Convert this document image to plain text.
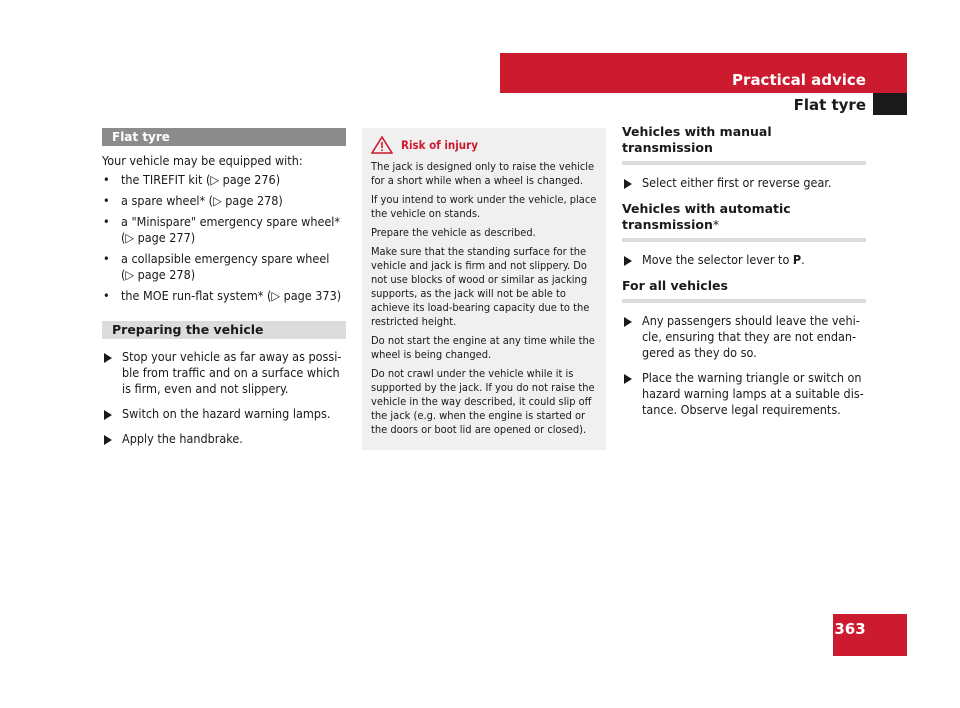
Practical advice
Flat tyre
Flat tyre

Your vehicle may be equipped with:

• the TIREFIT kit (▷ page 276)
• a spare wheel* (▷ page 278)
• a "Minispare" emergency spare wheel*
(▷ page 277)
• a collapsible emergency spare wheel
(▷ page 278)
• the MOE run-flat system* (▷ page 373)
Preparing the vehicle
Stop your vehicle as far away as possi-ble from traffic and on a surface which is firm, even and not slippery.
Switch on the hazard warning lamps.
Apply the handbrake.
Risk of injury

The jack is designed only to raise the vehicle for a short while when a wheel is changed.

If you intend to work under the vehicle, place the vehicle on stands.

Prepare the vehicle as described.

Make sure that the standing surface for the vehicle and jack is firm and not slippery. Do not use blocks of wood or similar as jacking supports, as the jack will not be able to achieve its load-bearing capacity due to the restricted height.

Do not start the engine at any time while the wheel is being changed.

Do not crawl under the vehicle while it is supported by the jack. If you do not raise the vehicle in the way described, it could slip off the jack (e.g. when the engine is started or the doors or boot lid are opened or closed).

Vehicles with manual transmission
Select either first or reverse gear.
Vehicles with automatic transmission*
Move the selector lever to P.
For all vehicles
Any passengers should leave the vehi-cle, ensuring that they are not endan-gered as they do so.
Place the warning triangle or switch on hazard warning lamps at a suitable dis-tance. Observe legal requirements.
363
